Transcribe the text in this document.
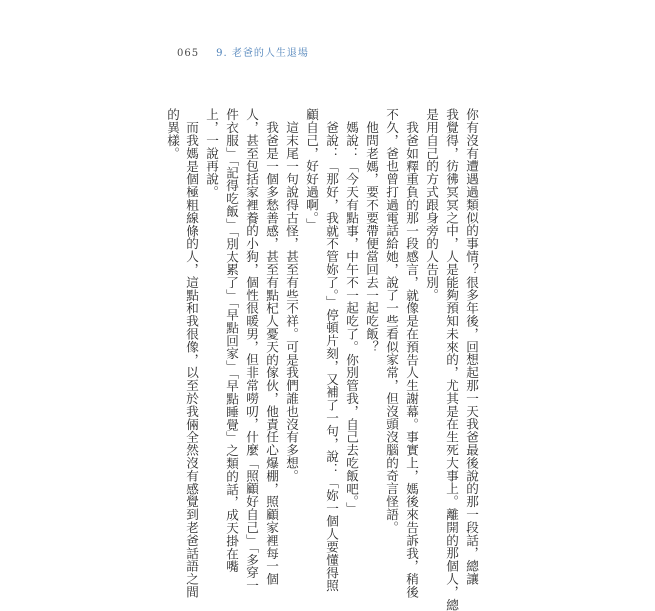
065 9. 老爸的人生退場
你有沒有遭遇過類似的事情？很多年後，回想起那一天我爸最後說的那一段話，總讓
我覺得，彷彿冥冥之中，人是能夠預知未來的，尤其是在生死大事上。離開的那個人，總
是用自己的方式跟身旁的人告別。
我爸如釋重負的那一段感言，就像是在預告人生謝幕。事實上，媽後來告訴我，稍後
不久，爸也曾打過電話給她，說了一些看似家常，但沒頭沒腦的奇言怪語。
他問老媽，要不要帶便當回去一起吃飯？
媽說：「今天有點事，中午不一起吃了。你別管我，自己去吃飯吧。」
爸說：「那好，我就不管妳了。」停頓片刻，又補了一句，說：「妳一個人要懂得照
顧自己，好好過啊。」
這末尾一句說得古怪，甚至有些不祥。可是我們誰也沒有多想。
我爸是一個多愁善感，甚至有點杞人憂天的傢伙，他責任心爆棚，照顧家裡每一個
人，甚至包括家裡養的小狗，個性很暖男，但非常嘮叨，什麼「照顧好自己」「多穿一
件衣服」「記得吃飯」「別太累了」「早點回家」「早點睡覺」之類的話，成天掛在嘴
上，一說再說。
而我媽是個極粗線條的人，這點和我很像，以至於我倆全然沒有感覺到老爸話語之間
的異樣。
